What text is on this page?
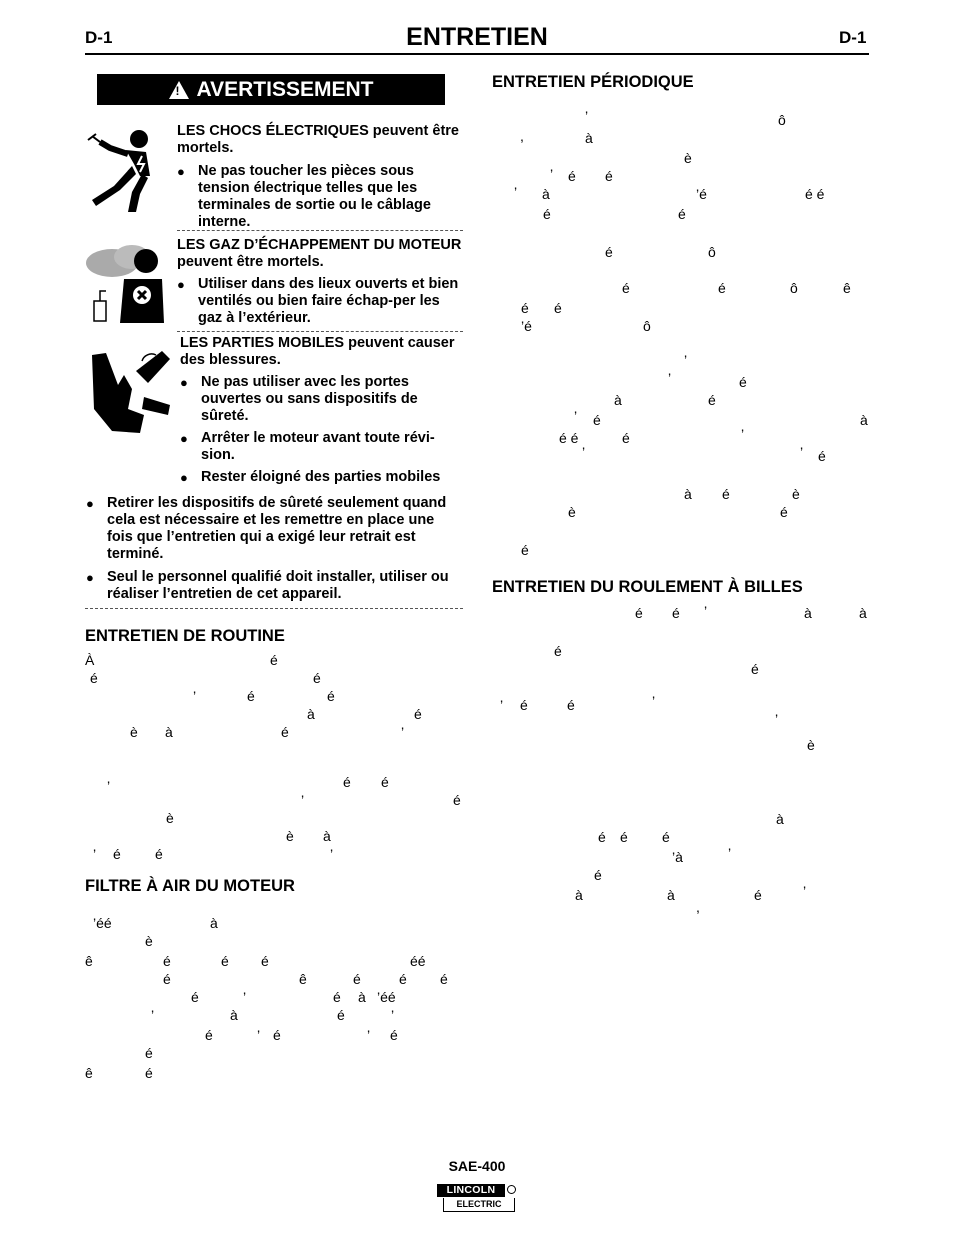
D-1	ENTRETIEN	D-1
! AVERTISSEMENT
LES CHOCS ÉLECTRIQUES peuvent être mortels.
● Ne pas toucher les pièces sous tension électrique telles que les terminales de sortie ou le câblage interne.
LES GAZ D’ÉCHAPPEMENT DU MOTEUR peuvent être mortels.
● Utiliser dans des lieux ouverts et bien ventilés ou bien faire échap-per les gaz à l’extérieur.
LES PARTIES MOBILES peuvent causer des blessures.
● Ne pas utiliser avec les portes ouvertes ou sans dispositifs de sûreté.
● Arrêter le moteur avant toute révi-sion.
● Rester éloigné des parties mobiles
● Retirer les dispositifs de sûreté seulement quand cela est nécessaire et les remettre en place une fois que l’entretien qui a exigé leur retrait est terminé.
● Seul le personnel qualifié doit installer, utiliser ou réaliser l’entretien de cet appareil.
ENTRETIEN DE ROUTINE
À	é
é	é
’	é	é
à	é
è à	é	’
’	é é
’	é
è
è à
’ é é	’
FILTRE À AIR DU MOTEUR
’éé	à
è
ê	é	é é	éé
é	ê	é	é é
é	’	é à ’éé
’	à	é	’
é	’ é	’ é
é
ê	é
ENTRETIEN PÉRIODIQUE
’	ô
,	à
è
’ é é
’ à	’é	é é
é	é
é	ô
é	é	ô	ê
é é
’é	ô
’
’	é
à	é
’ é	à
é é	é	’
’	’ é
à é	è
è	é
é
ENTRETIEN DU ROULEMENT À BILLES
é é ’	à	à
é
é
’ é	é	’
’
è
à
é é é
’à	’
é
à	à	é	’
,
SAE-400
LINCOLN
ELECTRIC
